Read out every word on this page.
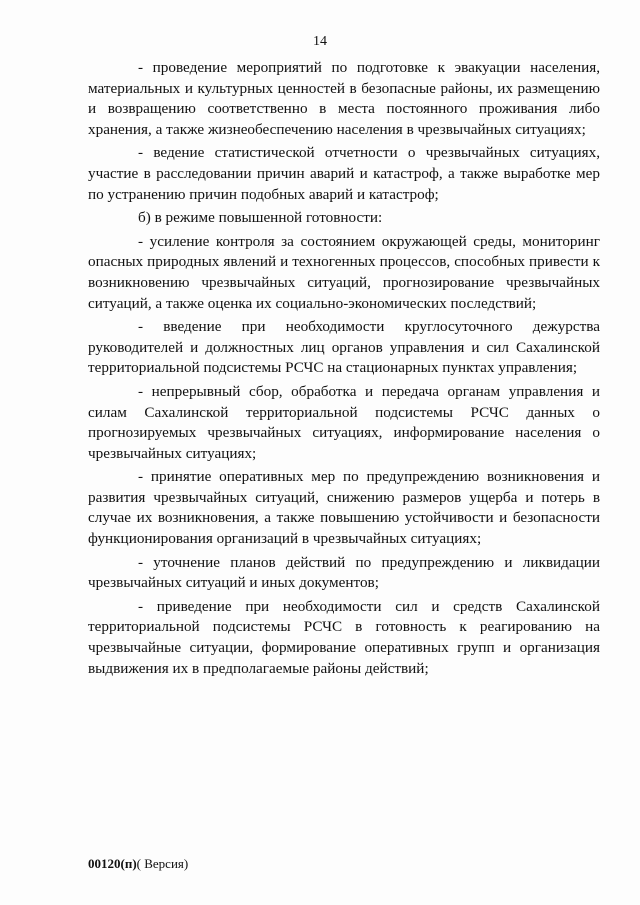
14

- проведение мероприятий по подготовке к эвакуации населения, материальных и культурных ценностей в безопасные районы, их размещению и возвращению соответственно в места постоянного проживания либо хранения, а также жизнеобеспечению населения в чрезвычайных ситуациях;

- ведение статистической отчетности о чрезвычайных ситуациях, участие в расследовании причин аварий и катастроф, а также выработке мер по устранению причин подобных аварий и катастроф;

б) в режиме повышенной готовности:

- усиление контроля за состоянием окружающей среды, мониторинг опасных природных явлений и техногенных процессов, способных привести к возникновению чрезвычайных ситуаций, прогнозирование чрезвычайных ситуаций, а также оценка их социально-экономических последствий;

- введение при необходимости круглосуточного дежурства руководителей и должностных лиц органов управления и сил Сахалинской территориальной подсистемы РСЧС на стационарных пунктах управления;

- непрерывный сбор, обработка и передача органам управления и силам Сахалинской территориальной подсистемы РСЧС данных о прогнозируемых чрезвычайных ситуациях, информирование населения о чрезвычайных ситуациях;

- принятие оперативных мер по предупреждению возникновения и развития чрезвычайных ситуаций, снижению размеров ущерба и потерь в случае их возникновения, а также повышению устойчивости и безопасности функционирования организаций в чрезвычайных ситуациях;

- уточнение планов действий по предупреждению и ликвидации чрезвычайных ситуаций и иных документов;

- приведение при необходимости сил и средств Сахалинской территориальной подсистемы РСЧС в готовность к реагированию на чрезвычайные ситуации, формирование оперативных групп и организация выдвижения их в предполагаемые районы действий;

00120(п)( Версия)
